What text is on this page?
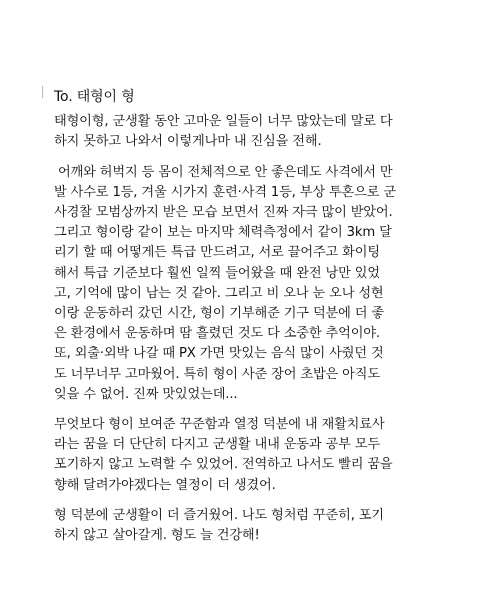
To. 태형이 형
태형이형, 군생활 동안 고마운 일들이 너무 많았는데 말로 다
하지 못하고 나와서 이렇게나마 내 진심을 전해.
어깨와 허벅지 등 몸이 전체적으로 안 좋은데도 사격에서 만
발 사수로 1등, 겨울 시가지 훈련·사격 1등, 부상 투혼으로 군
사경찰 모범상까지 받은 모습 보면서 진짜 자극 많이 받았어.
그리고 형이랑 같이 보는 마지막 체력측정에서 같이 3km 달
리기 할 때 어떻게든 특급 만드려고, 서로 끌어주고 화이팅
해서 특급 기준보다 훨씬 일찍 들어왔을 때 완전 낭만 있었
고, 기억에 많이 남는 것 같아. 그리고 비 오나 눈 오나 성현
이랑 운동하러 갔던 시간, 형이 기부해준 기구 덕분에 더 좋
은 환경에서 운동하며 땀 흘렸던 것도 다 소중한 추억이야.
또, 외출·외박 나갈 때 PX 가면 맛있는 음식 많이 사줬던 것
도 너무너무 고마웠어. 특히 형이 사준 장어 초밥은 아직도
잊을 수 없어. 진짜 맛있었는데...
무엇보다 형이 보여준 꾸준함과 열정 덕분에 내 재활치료사
라는 꿈을 더 단단히 다지고 군생활 내내 운동과 공부 모두
포기하지 않고 노력할 수 있었어. 전역하고 나서도 빨리 꿈을
향해 달려가야겠다는 열정이 더 생겼어.
형 덕분에 군생활이 더 즐거웠어. 나도 형처럼 꾸준히, 포기
하지 않고 살아갈게. 형도 늘 건강해!
